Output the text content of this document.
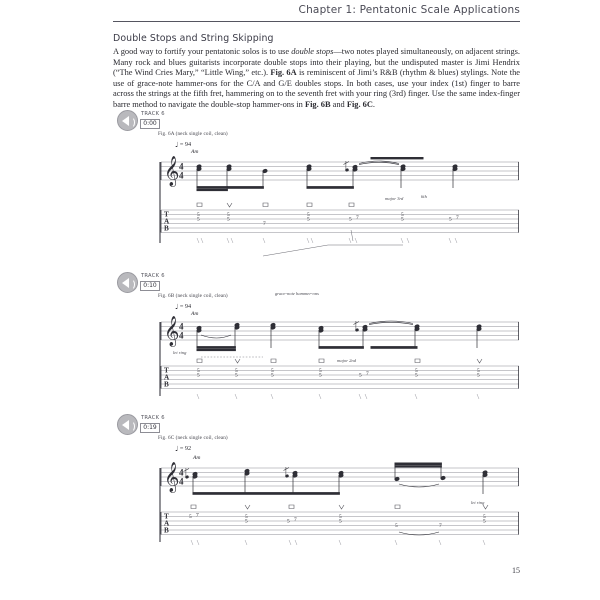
Chapter 1: Pentatonic Scale Applications
Double Stops and String Skipping

A good way to fortify your pentatonic solos is to use double stops—two notes played simultaneously, on adjacent strings. Many rock and blues guitarists incorporate double stops into their playing, but the undisputed master is Jimi Hendrix (“The Wind Cries Mary,” “Little Wing,” etc.). Fig. 6A is reminiscent of Jimi’s R&B (rhythm & blues) stylings. Note the use of grace-note hammer-ons for the C/A and G/E doubles stops. In both cases, use your index (1st) finger to barre across the strings at the fifth fret, hammering on to the seventh fret with your ring (3rd) finger. Use the same index-finger barre method to navigate the double-stop hammer-ons in Fig. 6B and Fig. 6C.

TRACK 6
0:00
Fig. 6A (neck single coil, clean)
♩ = 94
Am
𝄞 4
4
T
A
B
5
5
5
5
7
5
5	5 7	5
5	5 7
major 3rd	6th
grace-note hammer-ons
TRACK 6
0:10
Fig. 6B (neck single coil, clean)
♩ = 94
Am
𝄞 4
4
T
A
B
5
5
5
5
5
5
5
5	5 7	5
5
5
5
let ring
major 2nd
TRACK 6
0:19
Fig. 6C (neck single coil, clean)
♩ = 92
Am
𝄞 4
4
T
A
B
5 7	5
5	5 7	5
5
5	7
5
5
let ring
15
